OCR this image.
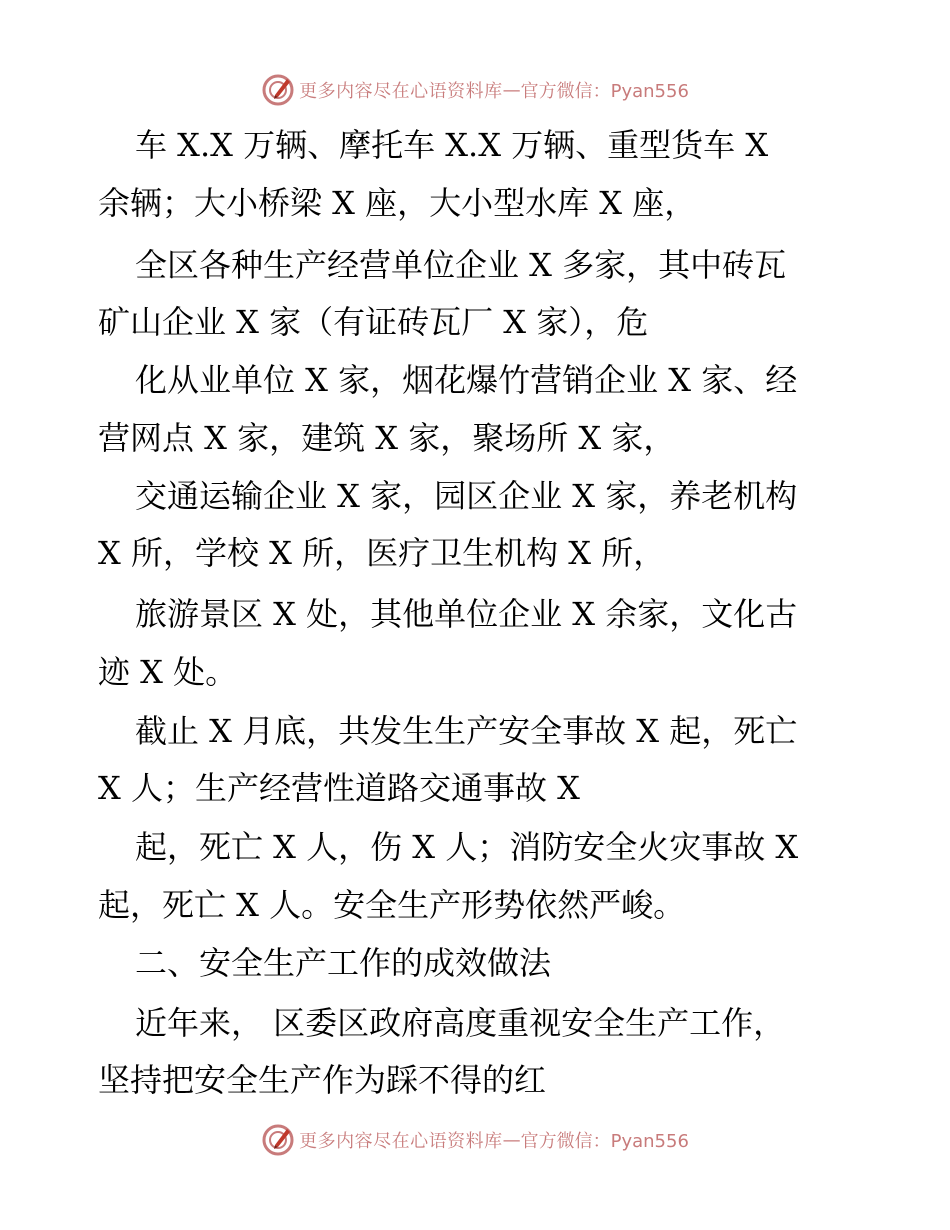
更多内容尽在心语资料库 — 官方微信：Pyan556
车 X.X 万辆、摩托车 X.X 万辆、重型货车 X
余辆；大小桥梁 X 座，大小型水库 X 座，
全区各种生产经营单位企业 X 多家，其中砖瓦
矿山企业 X 家（有证砖瓦厂 X 家），危
化从业单位 X 家，烟花爆竹营销企业 X 家、经
营网点 X 家，建筑 X 家，聚场所 X 家，
交通运输企业 X 家，园区企业 X 家，养老机构
X 所，学校 X 所，医疗卫生机构 X 所，
旅游景区 X 处，其他单位企业 X 余家，文化古
迹 X 处。
截止 X 月底，共发生生产安全事故 X 起，死亡
X 人；生产经营性道路交通事故 X
起，死亡 X 人，伤 X 人；消防安全火灾事故 X
起，死亡 X 人。安全生产形势依然严峻。
二、安全生产工作的成效做法
近年来， 区委区政府高度重视安全生产工作，
坚持把安全生产作为踩不得的红
更多内容尽在心语资料库 — 官方微信：Pyan556
